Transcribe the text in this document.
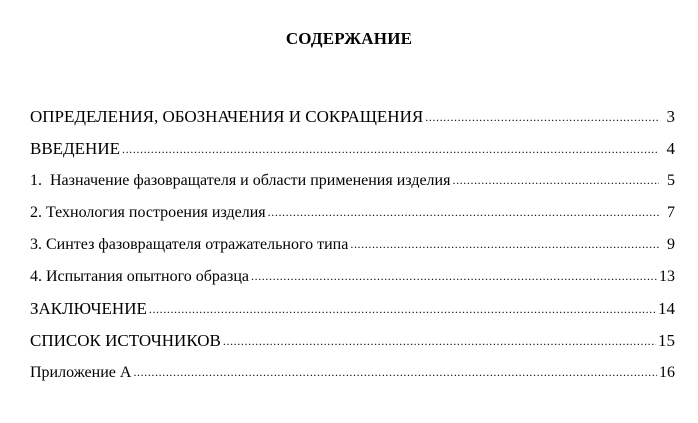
СОДЕРЖАНИЕ
ОПРЕДЕЛЕНИЯ, ОБОЗНАЧЕНИЯ И СОКРАЩЕНИЯ .....	3
ВВЕДЕНИЕ .....	4
1.  Назначение фазовращателя и области применения изделия .....	5
2. Технология построения изделия .....	7
3. Синтез фазовращателя отражательного типа .....	9
4. Испытания опытного образца .....	13
ЗАКЛЮЧЕНИЕ .....	14
СПИСОК ИСТОЧНИКОВ .....	15
Приложение А .....	16
